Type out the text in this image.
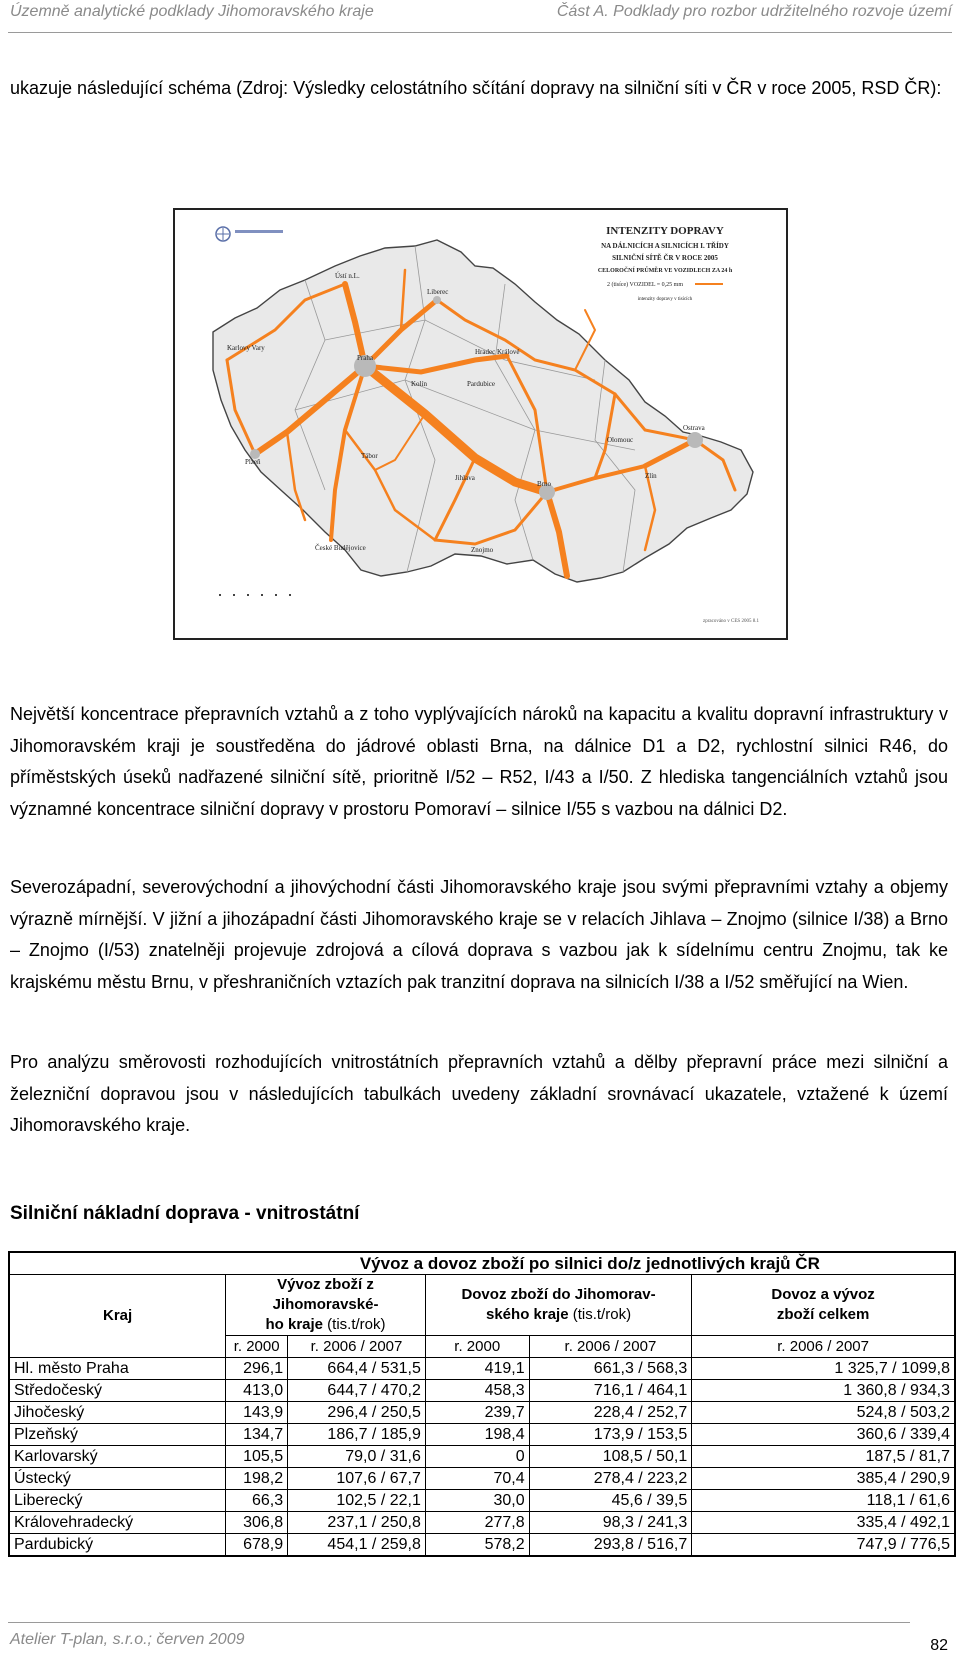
Územně analytické podklady Jihomoravského kraje	Část A. Podklady pro rozbor udržitelného rozvoje území

ukazuje následující schéma (Zdroj: Výsledky celostátního sčítání dopravy na silniční síti v ČR v roce 2005, RSD ČR):

Praha
Brno
Ostrava
Plzeň
Liberec
Ústí n.L.
Hradec Králové
Pardubice
Olomouc
Zlín
Jihlava
České Budějovice
Karlovy Vary
Znojmo
Kolín
Tábor
INTENZITY DOPRAVY
NA DÁLNICÍCH A SILNICÍCH I. TŘÍDY
SILNIČNÍ SÍTĚ ČR V ROCE 2005
CELOROČNÍ PRŮMĚR VE VOZIDLECH ZA 24 h
2 (tisíce) VOZIDEL = 0,25 mm
intenzity dopravy v tisících
zpracováno v CES 2005 8.1

Největší koncentrace přepravních vztahů a z toho vyplývajících nároků na kapacitu a kvalitu dopravní infrastruktury v Jihomoravském kraji je soustředěna do jádrové oblasti Brna, na dálnice D1 a D2, rychlostní silnici R46, do příměstských úseků nadřazené silniční sítě, prioritně I/52 – R52, I/43 a I/50. Z hlediska tangenciálních vztahů jsou významné koncentrace silniční dopravy v prostoru Pomoraví – silnice I/55 s vazbou na dálnici D2.

Severozápadní, severovýchodní a jihovýchodní části Jihomoravského kraje jsou svými přepravními vztahy a objemy výrazně mírnější. V jižní a jihozápadní části Jihomoravského kraje se v relacích Jihlava – Znojmo (silnice I/38) a Brno – Znojmo (I/53) znatelněji projevuje zdrojová a cílová doprava s vazbou jak k sídelnímu centru Znojmu, tak ke krajskému městu Brnu, v přeshraničních vztazích pak tranzitní doprava na silnicích I/38 a I/52 směřující na Wien.

Pro analýzu směrovosti rozhodujících vnitrostátních přepravních vztahů a dělby přepravní práce mezi silniční a železniční dopravou jsou v následujících tabulkách uvedeny základní srovnávací ukazatele, vztažené k území Jihomoravského kraje.

Silniční nákladní doprava - vnitrostátní
	Vývoz a dovoz zboží po silnici do/z jednotlivých krajů ČR				
Kraj	Vývoz zboží z Jihomoravské-
ho kraje (tis.t/rok)		Dovoz zboží do Jihomorav-
ského kraje (tis.t/rok)		Dovoz a vývoz
zboží celkem
	r. 2000	r. 2006 / 2007	r. 2000	r. 2006 / 2007	r. 2006 / 2007
Hl. město Praha	296,1	664,4 / 531,5	419,1	661,3 / 568,3	1 325,7 / 1099,8
Středočeský	413,0	644,7 / 470,2	458,3	716,1 / 464,1	1 360,8 / 934,3
Jihočeský	143,9	296,4 / 250,5	239,7	228,4 / 252,7	524,8 / 503,2
Plzeňský	134,7	186,7 / 185,9	198,4	173,9 / 153,5	360,6 / 339,4
Karlovarský	105,5	79,0 / 31,6	0	108,5 / 50,1	187,5 / 81,7
Ústecký	198,2	107,6 / 67,7	70,4	278,4 / 223,2	385,4 / 290,9
Liberecký	66,3	102,5 / 22,1	30,0	45,6 / 39,5	118,1 / 61,6
Královehradecký	306,8	237,1 / 250,8	277,8	98,3 / 241,3	335,4 / 492,1
Pardubický	678,9	454,1 / 259,8	578,2	293,8 / 516,7	747,9 / 776,5
Atelier T-plan, s.r.o.; červen 2009	82
